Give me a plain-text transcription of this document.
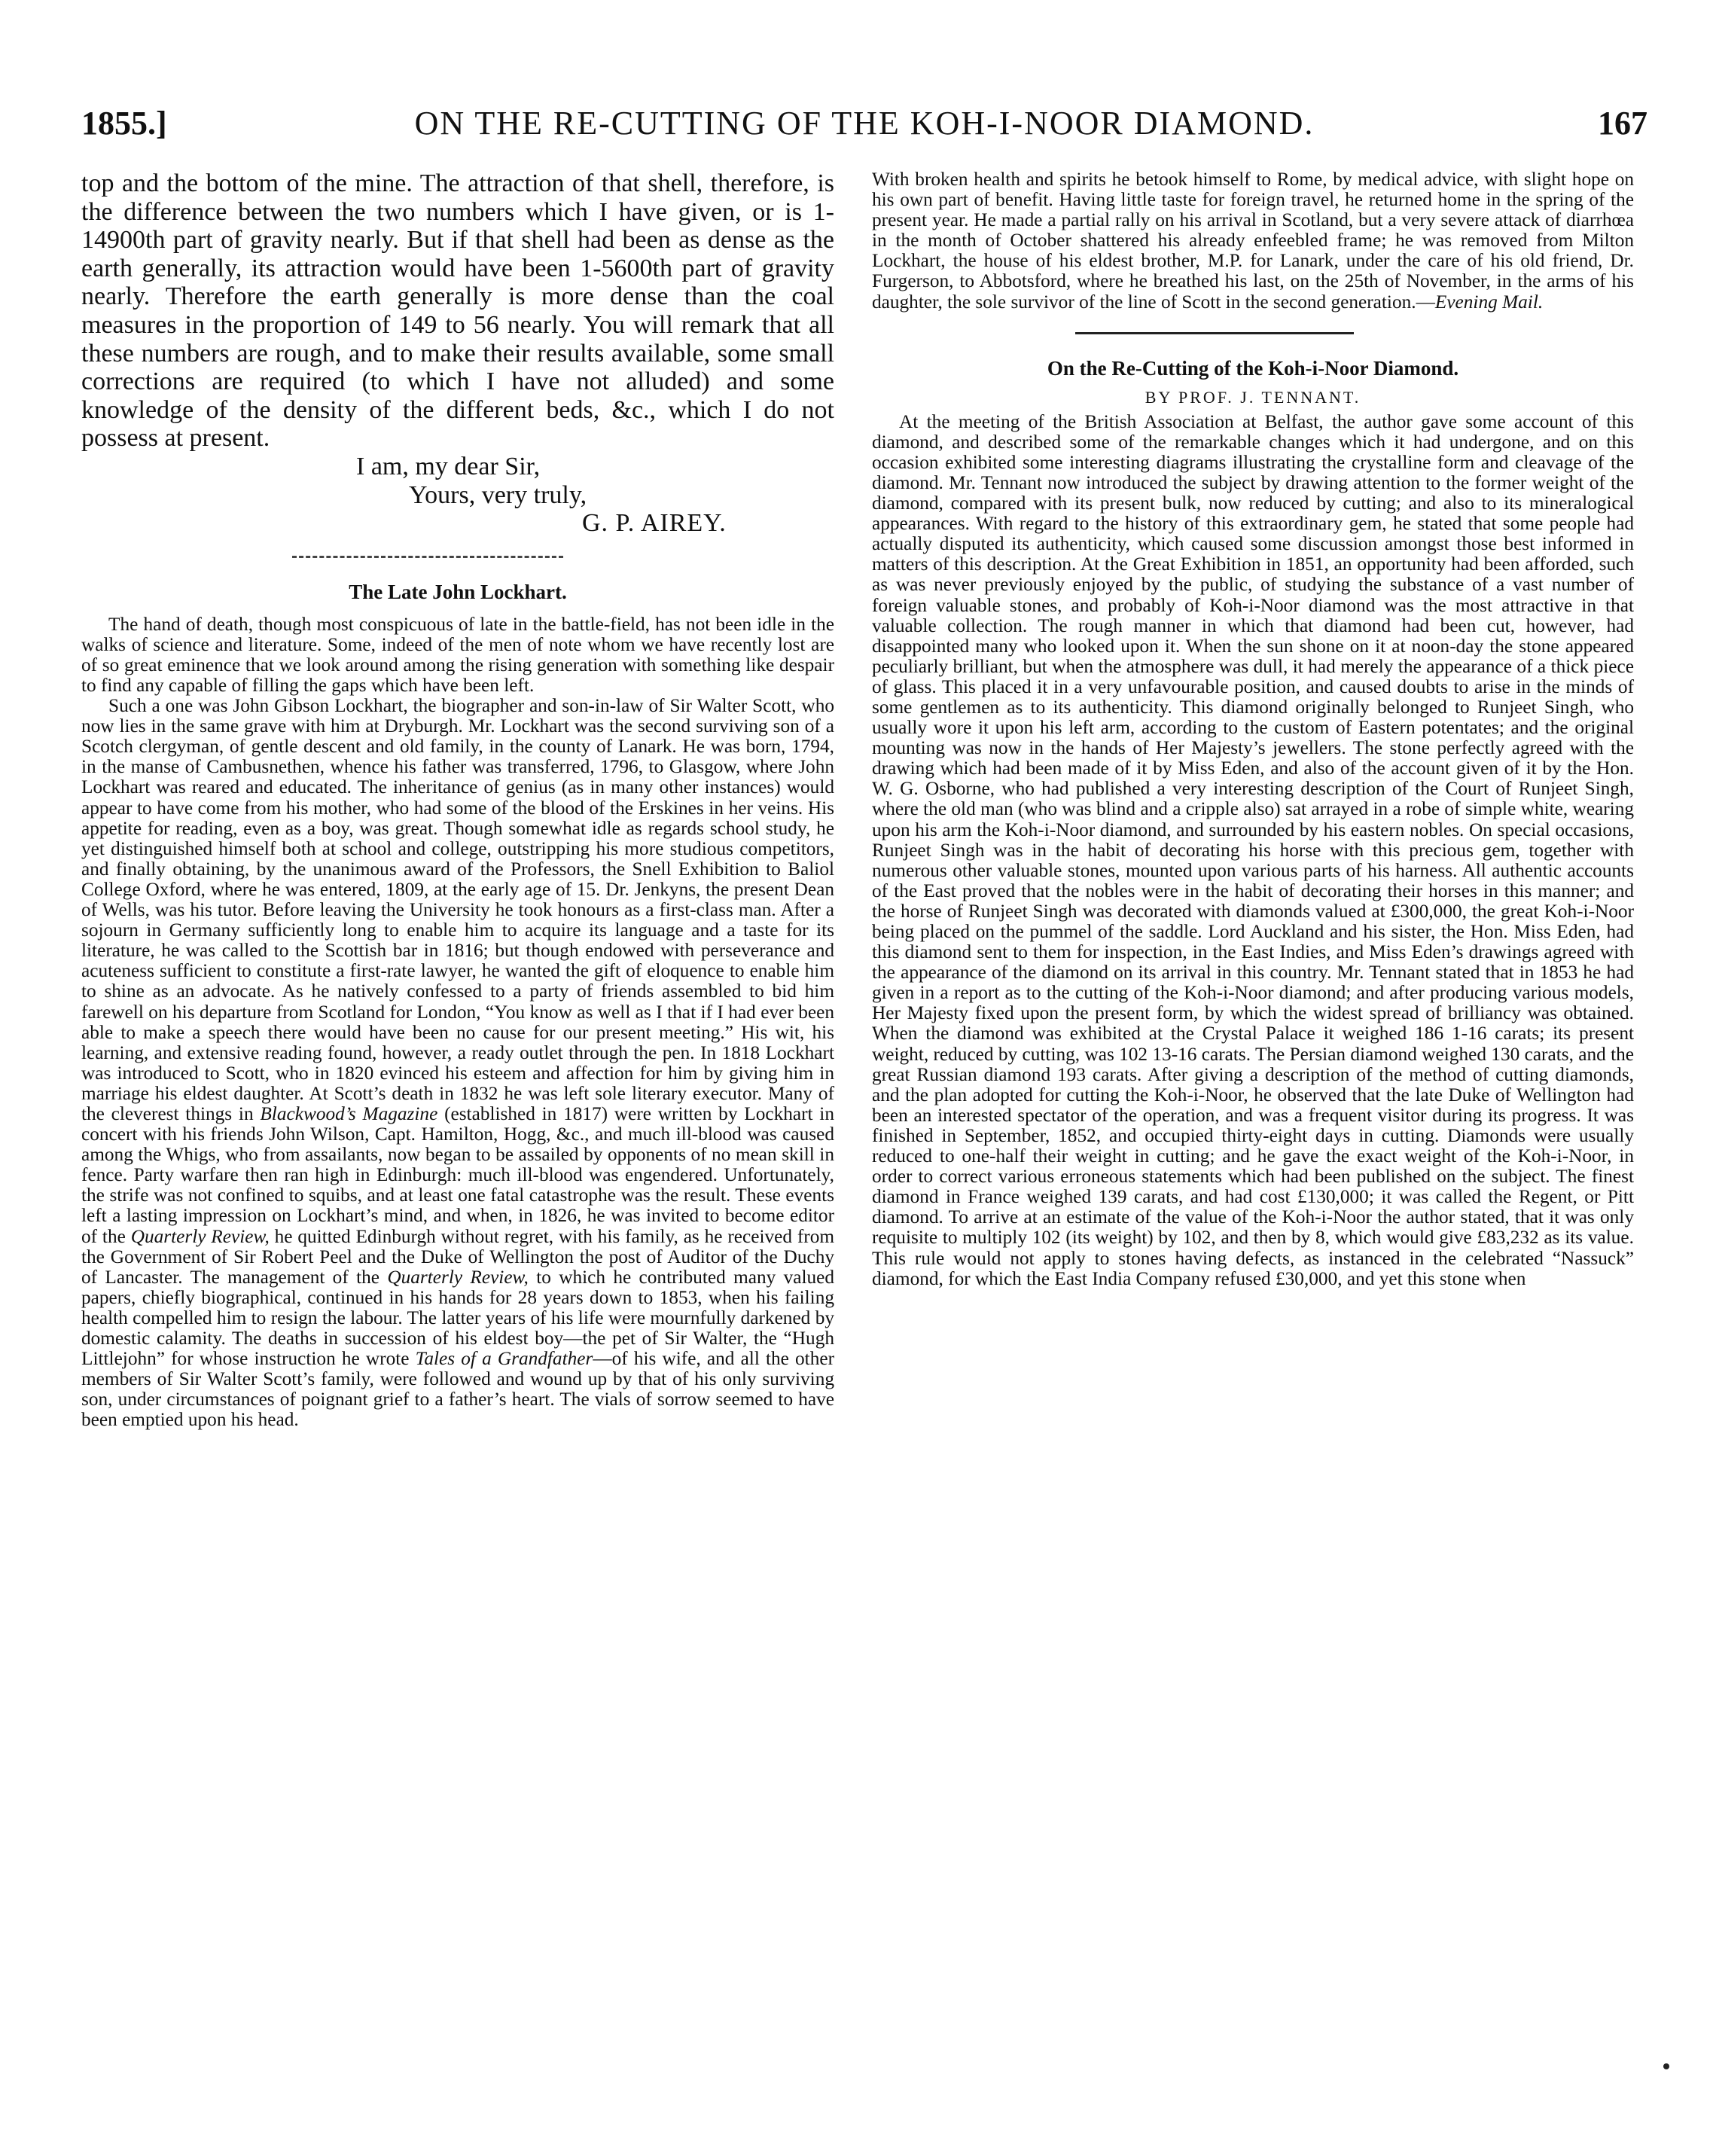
1855.]	ON THE RE-CUTTING OF THE KOH-I-NOOR DIAMOND.	167

top and the bottom of the mine. The attraction of that shell, therefore, is the difference between the two numbers which I have given, or is 1-14900th part of gravity nearly. But if that shell had been as dense as the earth generally, its attraction would have been 1-5600th part of gravity nearly. Therefore the earth generally is more dense than the coal measures in the proportion of 149 to 56 nearly. You will remark that all these numbers are rough, and to make their results available, some small corrections are required (to which I have not alluded) and some knowledge of the density of the different beds, &c., which I do not possess at present.

I am, my dear Sir,
Yours, very truly,
G. P. AIREY.
The Late John Lockhart.

The hand of death, though most conspicuous of late in the battle-field, has not been idle in the walks of science and literature. Some, indeed of the men of note whom we have recently lost are of so great eminence that we look around among the rising generation with something like despair to find any capable of filling the gaps which have been left.

Such a one was John Gibson Lockhart, the biographer and son-in-law of Sir Walter Scott, who now lies in the same grave with him at Dryburgh. Mr. Lockhart was the second surviving son of a Scotch clergyman, of gentle descent and old family, in the county of Lanark. He was born, 1794, in the manse of Cambusnethen, whence his father was transferred, 1796, to Glasgow, where John Lockhart was reared and educated. The inheritance of genius (as in many other instances) would appear to have come from his mother, who had some of the blood of the Erskines in her veins. His appetite for reading, even as a boy, was great. Though somewhat idle as regards school study, he yet distinguished himself both at school and college, outstripping his more studious competitors, and finally obtaining, by the unanimous award of the Professors, the Snell Exhibition to Baliol College Oxford, where he was entered, 1809, at the early age of 15. Dr. Jenkyns, the present Dean of Wells, was his tutor. Before leaving the University he took honours as a first-class man. After a sojourn in Germany sufficiently long to enable him to acquire its language and a taste for its literature, he was called to the Scottish bar in 1816; but though endowed with perseverance and acuteness sufficient to constitute a first-rate lawyer, he wanted the gift of eloquence to enable him to shine as an advocate. As he natively confessed to a party of friends assembled to bid him farewell on his departure from Scotland for London, “You know as well as I that if I had ever been able to make a speech there would have been no cause for our present meeting.” His wit, his learning, and extensive reading found, however, a ready outlet through the pen. In 1818 Lockhart was introduced to Scott, who in 1820 evinced his esteem and affection for him by giving him in marriage his eldest daughter. At Scott’s death in 1832 he was left sole literary executor. Many of the cleverest things in Blackwood’s Magazine (established in 1817) were written by Lockhart in concert with his friends John Wilson, Capt. Hamilton, Hogg, &c., and much ill-blood was caused among the Whigs, who from assailants, now began to be assailed by opponents of no mean skill in fence. Party warfare then ran high in Edinburgh: much ill-blood was engendered. Unfortunately, the strife was not confined to squibs, and at least one fatal catastrophe was the result. These events left a lasting impression on Lockhart’s mind, and when, in 1826, he was invited to become editor of the Quarterly Review, he quitted Edinburgh without regret, with his family, as he received from the Government of Sir Robert Peel and the Duke of Wellington the post of Auditor of the Duchy of Lancaster. The management of the Quarterly Review, to which he contributed many valued papers, chiefly biographical, continued in his hands for 28 years down to 1853, when his failing health compelled him to resign the labour. The latter years of his life were mournfully darkened by domestic calamity. The deaths in succession of his eldest boy—the pet of Sir Walter, the “Hugh Littlejohn” for whose instruction he wrote Tales of a Grandfather—of his wife, and all the other members of Sir Walter Scott’s family, were followed and wound up by that of his only surviving son, under circumstances of poignant grief to a father’s heart. The vials of sorrow seemed to have been emptied upon his head.

With broken health and spirits he betook himself to Rome, by medical advice, with slight hope on his own part of benefit. Having little taste for foreign travel, he returned home in the spring of the present year. He made a partial rally on his arrival in Scotland, but a very severe attack of diarrhœa in the month of October shattered his already enfeebled frame; he was removed from Milton Lockhart, the house of his eldest brother, M.P. for Lanark, under the care of his old friend, Dr. Furgerson, to Abbotsford, where he breathed his last, on the 25th of November, in the arms of his daughter, the sole survivor of the line of Scott in the second generation.—Evening Mail.

On the Re-Cutting of the Koh-i-Noor Diamond.
BY PROF. J. TENNANT.

At the meeting of the British Association at Belfast, the author gave some account of this diamond, and described some of the remarkable changes which it had undergone, and on this occasion exhibited some interesting diagrams illustrating the crystalline form and cleavage of the diamond. Mr. Tennant now introduced the subject by drawing attention to the former weight of the diamond, compared with its present bulk, now reduced by cutting; and also to its mineralogical appearances. With regard to the history of this extraordinary gem, he stated that some people had actually disputed its authenticity, which caused some discussion amongst those best informed in matters of this description. At the Great Exhibition in 1851, an opportunity had been afforded, such as was never previously enjoyed by the public, of studying the substance of a vast number of foreign valuable stones, and probably of Koh-i-Noor diamond was the most attractive in that valuable collection. The rough manner in which that diamond had been cut, however, had disappointed many who looked upon it. When the sun shone on it at noon-day the stone appeared peculiarly brilliant, but when the atmosphere was dull, it had merely the appearance of a thick piece of glass. This placed it in a very unfavourable position, and caused doubts to arise in the minds of some gentlemen as to its authenticity. This diamond originally belonged to Runjeet Singh, who usually wore it upon his left arm, according to the custom of Eastern potentates; and the original mounting was now in the hands of Her Majesty’s jewellers. The stone perfectly agreed with the drawing which had been made of it by Miss Eden, and also of the account given of it by the Hon. W. G. Osborne, who had published a very interesting description of the Court of Runjeet Singh, where the old man (who was blind and a cripple also) sat arrayed in a robe of simple white, wearing upon his arm the Koh-i-Noor diamond, and surrounded by his eastern nobles. On special occasions, Runjeet Singh was in the habit of decorating his horse with this precious gem, together with numerous other valuable stones, mounted upon various parts of his harness. All authentic accounts of the East proved that the nobles were in the habit of decorating their horses in this manner; and the horse of Runjeet Singh was decorated with diamonds valued at £300,000, the great Koh-i-Noor being placed on the pummel of the saddle. Lord Auckland and his sister, the Hon. Miss Eden, had this diamond sent to them for inspection, in the East Indies, and Miss Eden’s drawings agreed with the appearance of the diamond on its arrival in this country. Mr. Tennant stated that in 1853 he had given in a report as to the cutting of the Koh-i-Noor diamond; and after producing various models, Her Majesty fixed upon the present form, by which the widest spread of brilliancy was obtained. When the diamond was exhibited at the Crystal Palace it weighed 186 1-16 carats; its present weight, reduced by cutting, was 102 13-16 carats. The Persian diamond weighed 130 carats, and the great Russian diamond 193 carats. After giving a description of the method of cutting diamonds, and the plan adopted for cutting the Koh-i-Noor, he observed that the late Duke of Wellington had been an interested spectator of the operation, and was a frequent visitor during its progress. It was finished in September, 1852, and occupied thirty-eight days in cutting. Diamonds were usually reduced to one-half their weight in cutting; and he gave the exact weight of the Koh-i-Noor, in order to correct various erroneous statements which had been published on the subject. The finest diamond in France weighed 139 carats, and had cost £130,000; it was called the Regent, or Pitt diamond. To arrive at an estimate of the value of the Koh-i-Noor the author stated, that it was only requisite to multiply 102 (its weight) by 102, and then by 8, which would give £83,232 as its value. This rule would not apply to stones having defects, as instanced in the celebrated “Nassuck” diamond, for which the East India Company refused £30,000, and yet this stone when
